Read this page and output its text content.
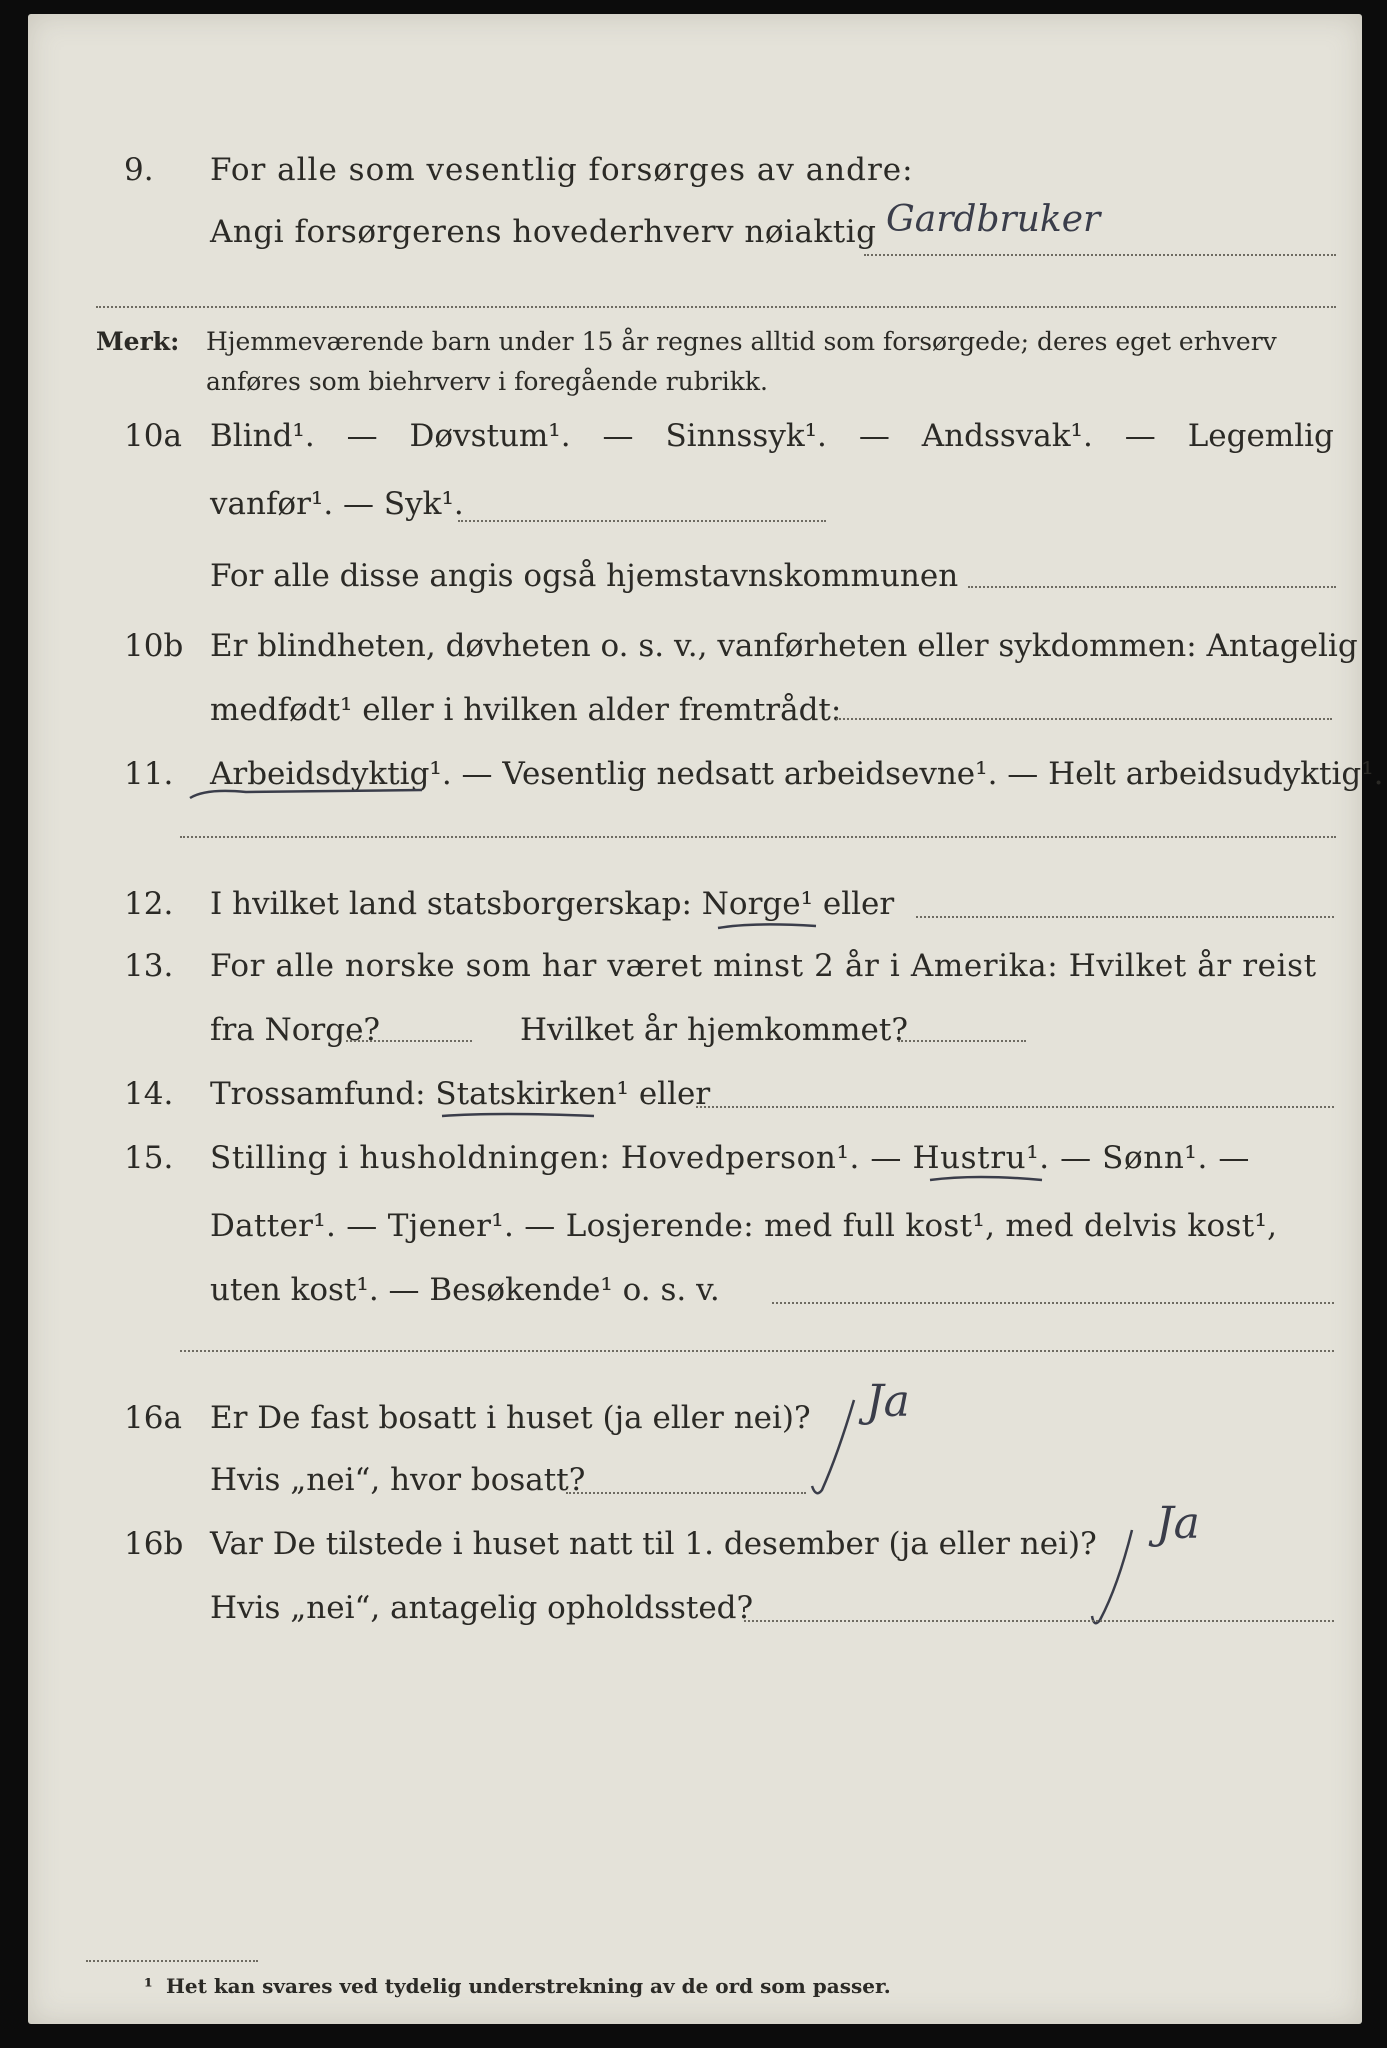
9. For alle som vesentlig forsørges av andre:
Angi forsørgerens hovederhverv nøiaktig Gardbruker
Merk: Hjemmeværende barn under 15 år regnes alltid som forsørgede; deres eget erhverv
anføres som biehrverv i foregående rubrikk.
10a Blind¹. — Døvstum¹. — Sinnssyk¹. — Andssvak¹. — Legemlig
vanfør¹. — Syk¹.
For alle disse angis også hjemstavnskommunen
10b Er blindheten, døvheten o. s. v., vanførheten eller sykdommen: Antagelig
medfødt¹ eller i hvilken alder fremtrådt:
11. Arbeidsdyktig¹. — Vesentlig nedsatt arbeidsevne¹. — Helt arbeidsudyktig¹.
12. I hvilket land statsborgerskap: Norge¹ eller
13. For alle norske som har været minst 2 år i Amerika: Hvilket år reist
fra Norge?	Hvilket år hjemkommet?
14. Trossamfund: Statskirken¹ eller
15. Stilling i husholdningen: Hovedperson¹. — Hustru¹. — Sønn¹. —
Datter¹. — Tjener¹. — Losjerende: med full kost¹, med delvis kost¹,
uten kost¹. — Besøkende¹ o. s. v.
16a Er De fast bosatt i huset (ja eller nei)? Ja
Hvis „nei“, hvor bosatt?
16b Var De tilstede i huset natt til 1. desember (ja eller nei)? Ja
Hvis „nei“, antagelig opholdssted?
¹ Het kan svares ved tydelig understrekning av de ord som passer.
